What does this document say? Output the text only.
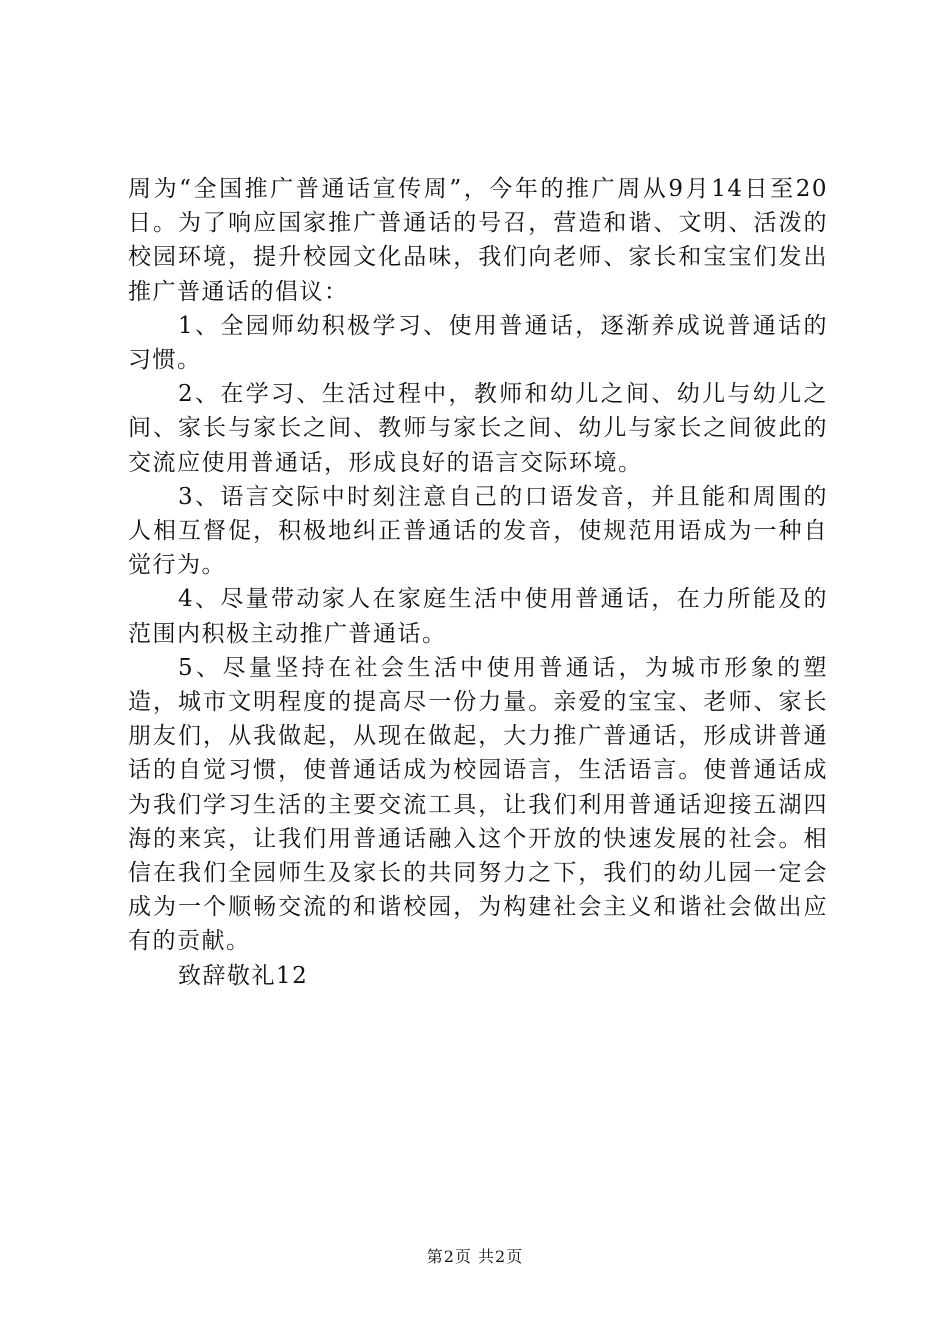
周为“全国推广普通话宣传周”，今年的推广周从9月14日至20日。为了响应国家推广普通话的号召，营造和谐、文明、活泼的校园环境，提升校园文化品味，我们向老师、家长和宝宝们发出推广普通话的倡议：

1、全园师幼积极学习、使用普通话，逐渐养成说普通话的习惯。

2、在学习、生活过程中，教师和幼儿之间、幼儿与幼儿之间、家长与家长之间、教师与家长之间、幼儿与家长之间彼此的交流应使用普通话，形成良好的语言交际环境。

3、语言交际中时刻注意自己的口语发音，并且能和周围的人相互督促，积极地纠正普通话的发音，使规范用语成为一种自觉行为。

4、尽量带动家人在家庭生活中使用普通话，在力所能及的范围内积极主动推广普通话。

5、尽量坚持在社会生活中使用普通话，为城市形象的塑造，城市文明程度的提高尽一份力量。亲爱的宝宝、老师、家长朋友们，从我做起，从现在做起，大力推广普通话，形成讲普通话的自觉习惯，使普通话成为校园语言，生活语言。使普通话成为我们学习生活的主要交流工具，让我们利用普通话迎接五湖四海的来宾，让我们用普通话融入这个开放的快速发展的社会。相信在我们全园师生及家长的共同努力之下，我们的幼儿园一定会成为一个顺畅交流的和谐校园，为构建社会主义和谐社会做出应有的贡献。

致辞敬礼12

第2页 共2页
